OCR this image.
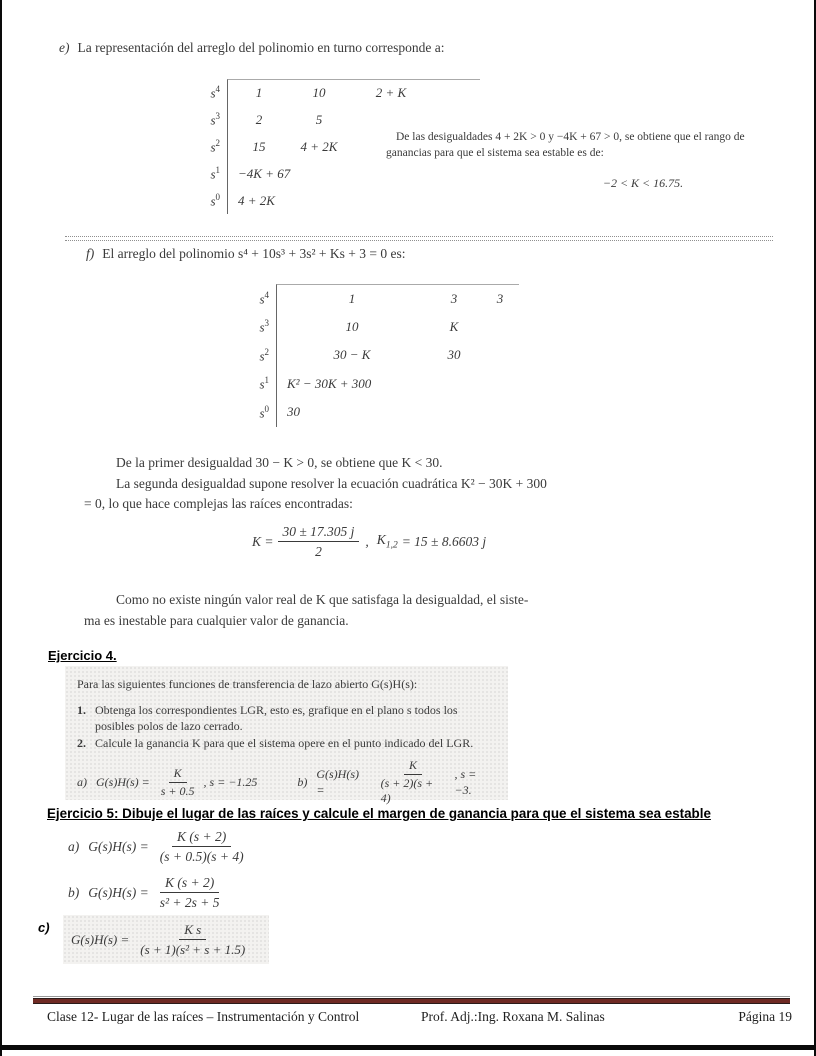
e) La representación del arreglo del polinomio en turno corresponde a:
$s^4$	1	10	2 + K
$s^3$	2	5
$s^2$	15	4 + 2K
$s^1$	−4K + 67
$s^0$	4 + 2K
De las desigualdades 4 + 2K > 0 y −4K + 67 > 0, se obtiene que el rango de
ganancias para que el sistema sea estable es de:
−2 < K < 16.75.
f) El arreglo del polinomio s⁴ + 10s³ + 3s² + Ks + 3 = 0 es:
$s^4$	1	3	3
$s^3$	10	K
$s^2$	30 − K	30
$s^1$	K² − 30K + 300
$s^0$	30
De la primer desigualdad 30 − K > 0, se obtiene que K < 30.
La segunda desigualdad supone resolver la ecuación cuadrática K² − 30K + 300
= 0, lo que hace complejas las raíces encontradas:
$K = \frac{30 \pm 17.305 j}{2}$ , $K_{1,2} = 15 \pm 8.6603$ j
Como no existe ningún valor real de K que satisfaga la desigualdad, el siste-
ma es inestable para cualquier valor de ganancia.
Ejercicio 4.
Para las siguientes funciones de transferencia de lazo abierto G(s)H(s):
1. Obtenga los correspondientes LGR, esto es, grafique en el plano s todos los
posibles polos de lazo cerrado.
2. Calcule la ganancia K para que el sistema opere en el punto indicado del LGR.
a) $G(s)H(s) = \frac{K}{s + 0.5}$ , s = −1.25	b)
G(s)H(s) =	$\frac{K}{(s + 2)(s + 4)}$ , s = −3.
Ejercicio 5: Dibuje el lugar de las raíces y calcule el margen de ganancia para que el sistema sea estable
a) $G(s)H(s) = \frac{K (s + 2)}{(s + 0.5)(s + 4)}$
b) $G(s)H(s) = \frac{K (s + 2)}{\text{s² + 2s + 5}}$
c)
$G(s)H(s) = \frac{\text{K s}}{\text{(s + 1)(s² + s + 1.5)}}$
Clase 12- Lugar de las raíces – Instrumentación y Control	Prof. Adj.:Ing. Roxana M. Salinas	Página 19
